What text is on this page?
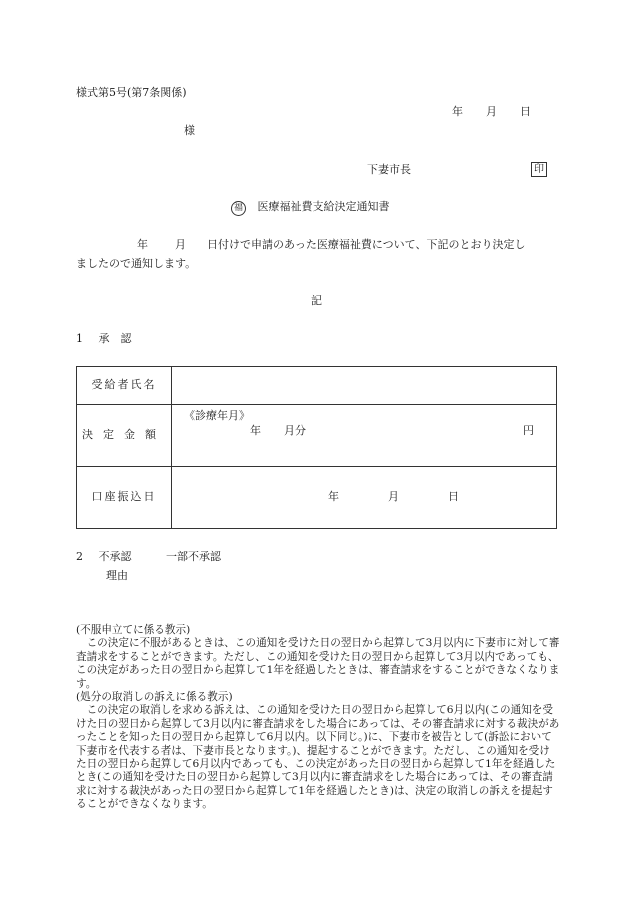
様式第5号(第7条関係)
年 月 日
様
下妻市長	印
福 医療福祉費支給決定通知書
年 月 日付けで申請のあった医療福祉費について、下記のとおり決定し
ましたので通知します。
記
1 承　認
受給者氏名	
決定金額	《診療年月》
年 月分 円

口座振込日	年 月 日
2 不承認	一部不承認
理由

(不服申立てに係る教示)

この決定に不服があるときは、この通知を受けた日の翌日から起算して3月以内に下妻市に対して審査請求をすることができます。ただし、この通知を受けた日の翌日から起算して3月以内であっても、この決定があった日の翌日から起算して1年を経過したときは、審査請求をすることができなくなります。

(処分の取消しの訴えに係る教示)

この決定の取消しを求める訴えは、この通知を受けた日の翌日から起算して6月以内(この通知を受けた日の翌日から起算して3月以内に審査請求をした場合にあっては、その審査請求に対する裁決があったことを知った日の翌日から起算して6月以内。以下同じ。)に、下妻市を被告として(訴訟において下妻市を代表する者は、下妻市長となります。)、提起することができます。ただし、この通知を受けた日の翌日から起算して6月以内であっても、この決定があった日の翌日から起算して1年を経過したとき(この通知を受けた日の翌日から起算して3月以内に審査請求をした場合にあっては、その審査請求に対する裁決があった日の翌日から起算して1年を経過したとき)は、決定の取消しの訴えを提起することができなくなります。
